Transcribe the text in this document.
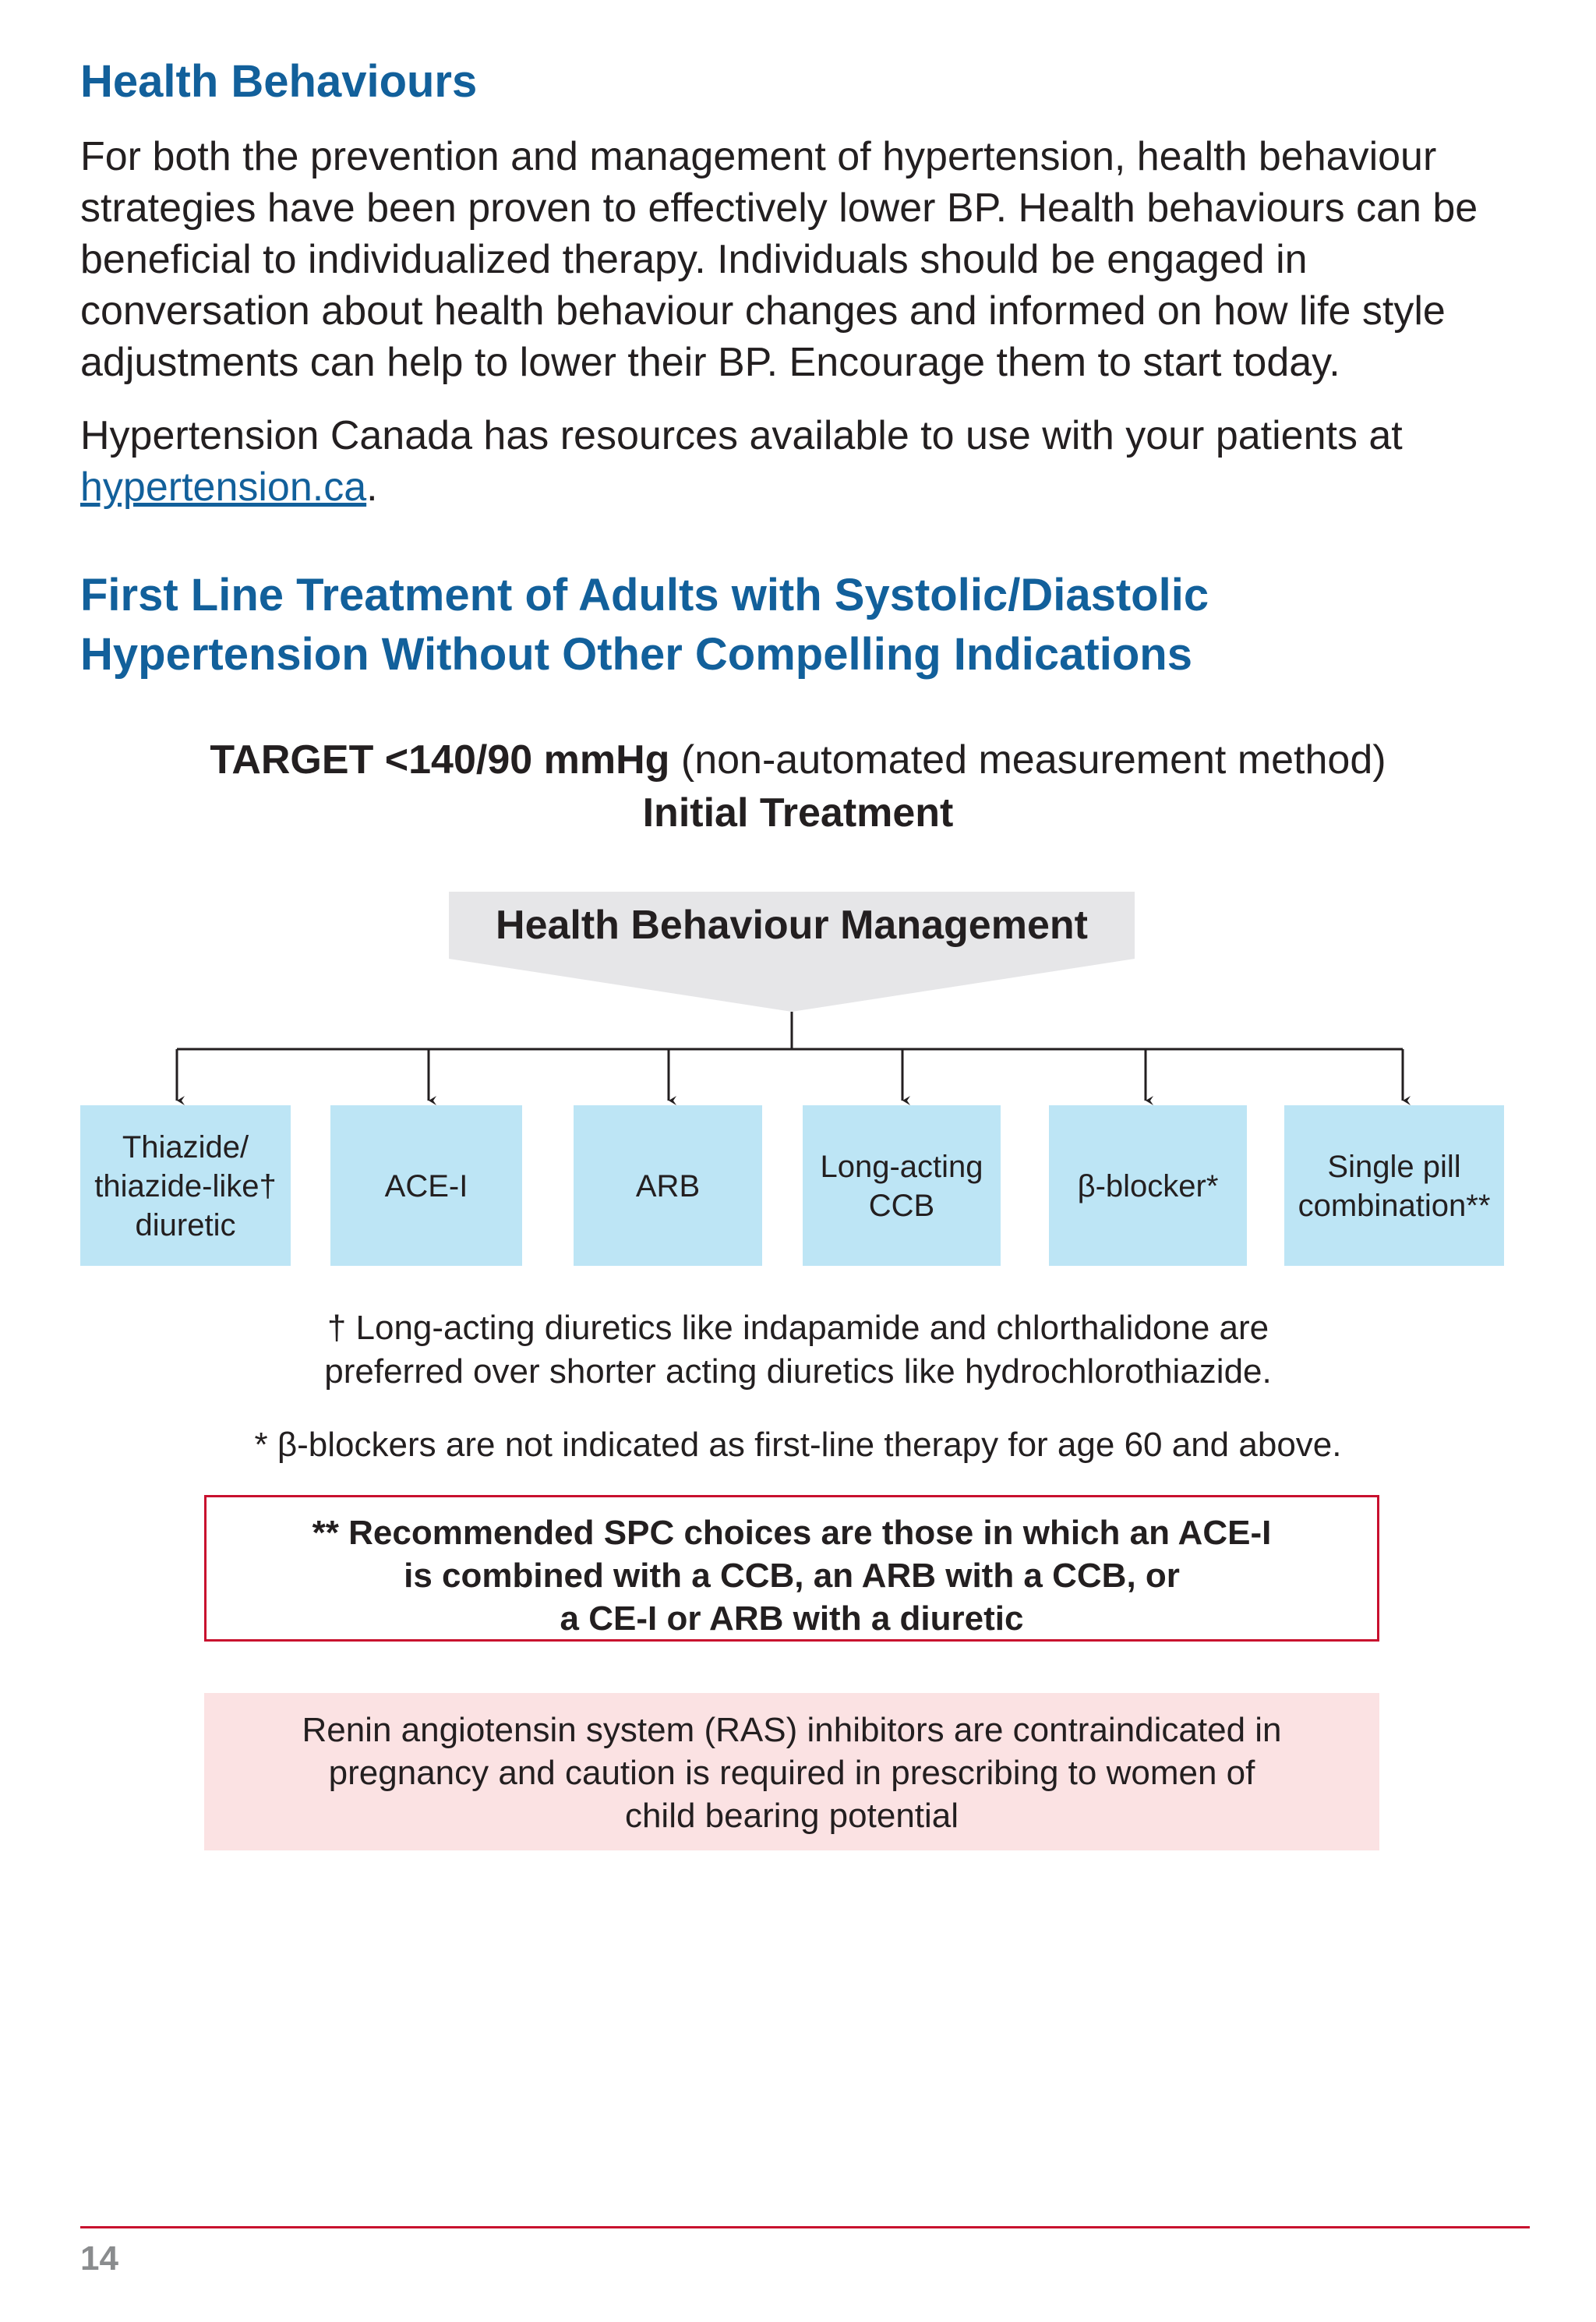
Health Behaviours

For both the prevention and management of hypertension, health behaviour strategies have been proven to effectively lower BP. Health behaviours can be beneficial to individualized therapy. Individuals should be engaged in conversation about health behaviour changes and informed on how life style adjustments can help to lower their BP. Encourage them to start today.

Hypertension Canada has resources available to use with your patients at hypertension.ca.

First Line Treatment of Adults with Systolic/Diastolic
Hypertension Without Other Compelling Indications
TARGET <140/90 mmHg (non-automated measurement method)
Initial Treatment
Health Behaviour Management
Thiazide/
thiazide-like†
diuretic
ACE-I	ARB
Long-acting
CCB
β-blocker*
Single pill
combination**
† Long-acting diuretics like indapamide and chlorthalidone are
preferred over shorter acting diuretics like hydrochlorothiazide.
* β-blockers are not indicated as first-line therapy for age 60 and above.
** Recommended SPC choices are those in which an ACE-I
is combined with a CCB, an ARB with a CCB, or
a CE-I or ARB with a diuretic
Renin angiotensin system (RAS) inhibitors are contraindicated in
pregnancy and caution is required in prescribing to women of
child bearing potential
14
